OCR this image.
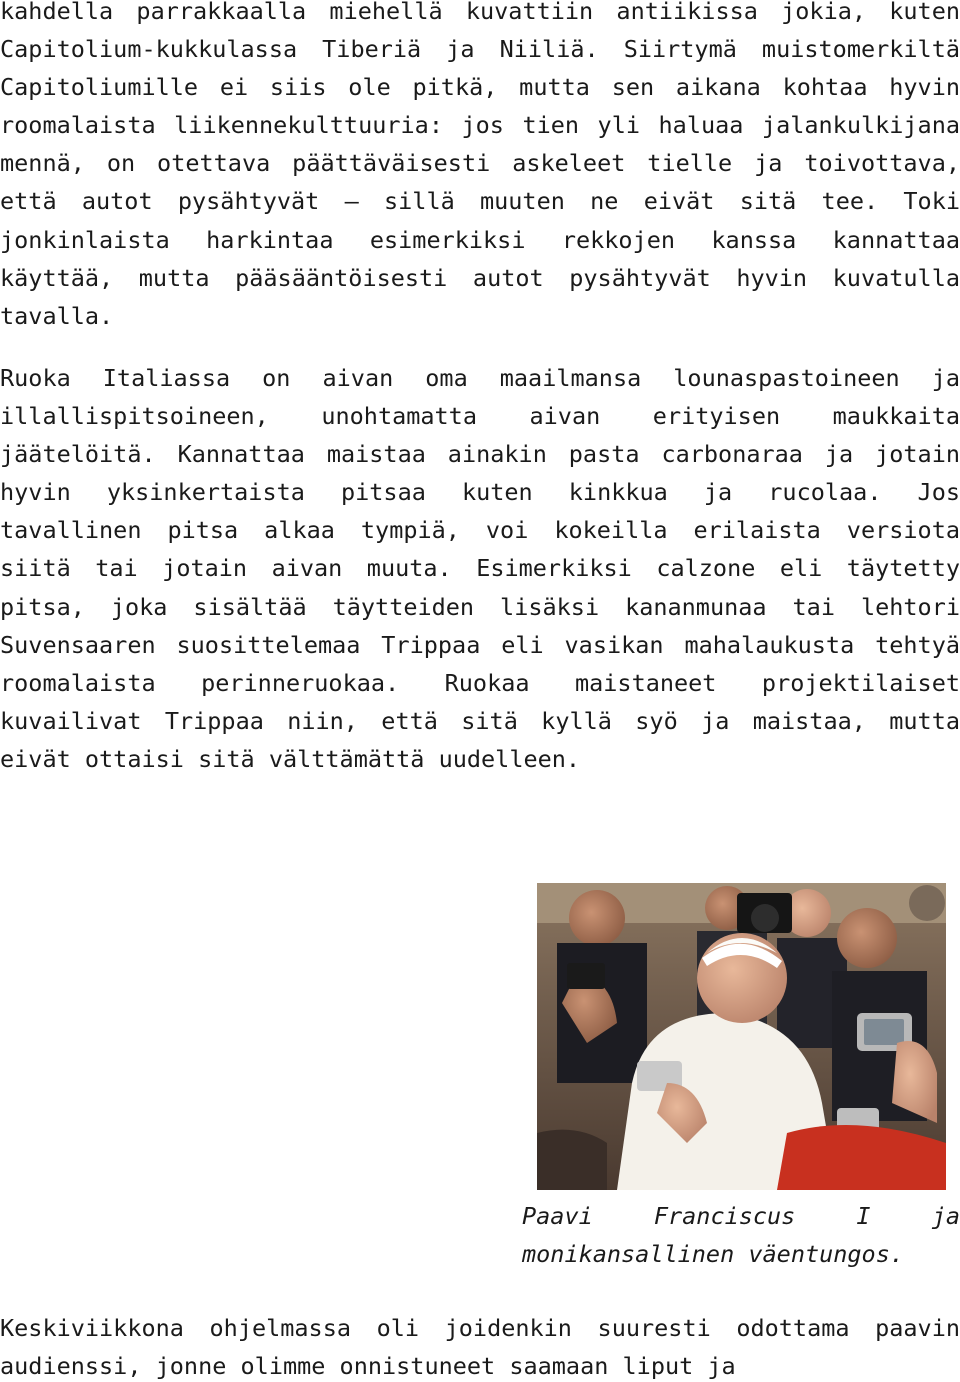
kahdella parrakkaalla miehellä kuvattiin antiikissa jokia, kuten Capitolium-kukkulassa Tiberiä ja Niiliä. Siirtymä muistomerkiltä Capitoliumille ei siis ole pitkä, mutta sen aikana kohtaa hyvin roomalaista liikennekulttuuria: jos tien yli haluaa jalankulkijana mennä, on otettava päättäväisesti askeleet tielle ja toivottava, että autot pysähtyvät – sillä muuten ne eivät sitä tee. Toki jonkinlaista harkintaa esimerkiksi rekkojen kanssa kannattaa käyttää, mutta pääsääntöisesti autot pysähtyvät hyvin kuvatulla tavalla.

Ruoka Italiassa on aivan oma maailmansa lounaspastoineen ja illallispitsoineen, unohtamatta aivan erityisen maukkaita jäätelöitä. Kannattaa maistaa ainakin pasta carbonaraa ja jotain hyvin yksinkertaista pitsaa kuten kinkkua ja rucolaa. Jos tavallinen pitsa alkaa tympiä, voi kokeilla erilaista versiota siitä tai jotain aivan muuta. Esimerkiksi calzone eli täytetty pitsa, joka sisältää täytteiden lisäksi kananmunaa tai lehtori Suvensaaren suosittelemaa Trippaa eli vasikan mahalaukusta tehtyä roomalaista perinneruokaa. Ruokaa maistaneet projektilaiset kuvailivat Trippaa niin, että sitä kyllä syö ja maistaa, mutta eivät ottaisi sitä välttämättä uudelleen.

Paavi Franciscus I ja monikansallinen väentungos.

Keskiviikkona ohjelmassa oli joidenkin suuresti odottama paavin audienssi, jonne olimme onnistuneet saamaan liput ja
